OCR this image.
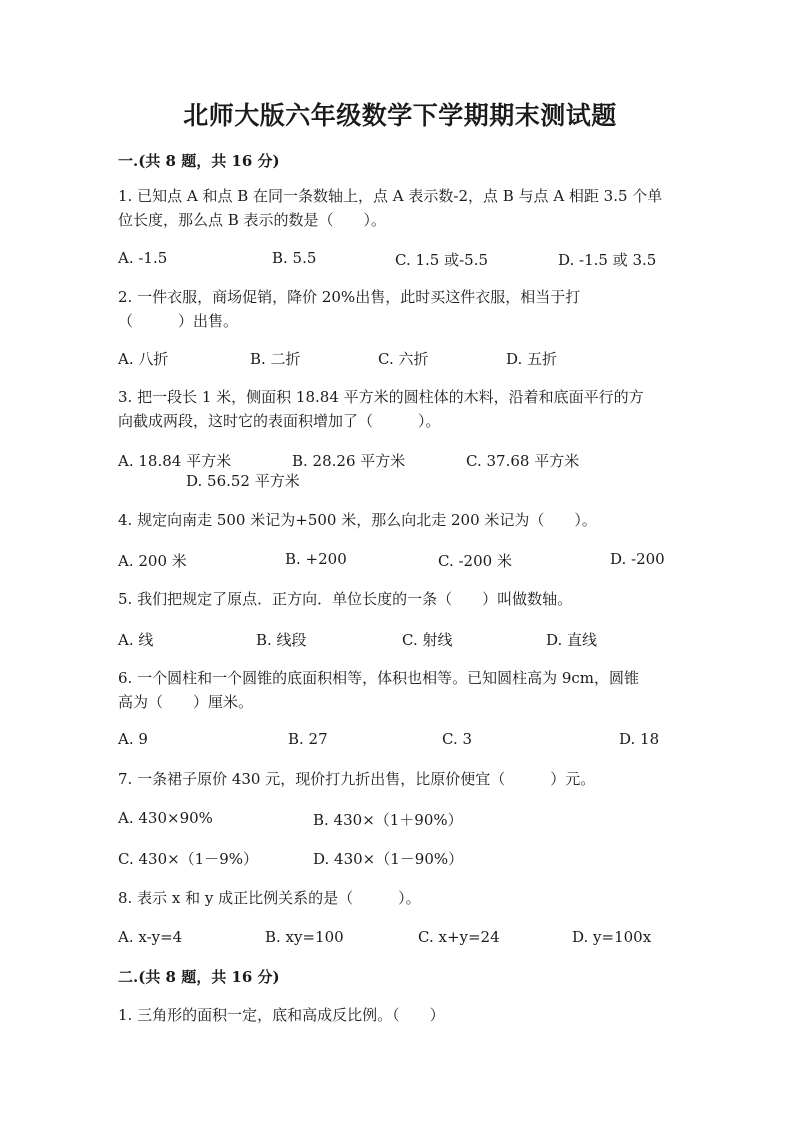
北师大版六年级数学下学期期末测试题
一.(共 8 题，共 16 分)
1. 已知点 A 和点 B 在同一条数轴上，点 A 表示数-2，点 B 与点 A 相距 3.5 个单
位长度，那么点 B 表示的数是（　　）。
A. -1.5	B. 5.5	C. 1.5 或-5.5	D. -1.5 或 3.5
2. 一件衣服，商场促销，降价 20%出售，此时买这件衣服，相当于打
（　　　）出售。
A. 八折	B. 二折	C. 六折	D. 五折
3. 把一段长 1 米，侧面积 18.84 平方米的圆柱体的木料，沿着和底面平行的方
向截成两段，这时它的表面积增加了（　　　）。
A. 18.84 平方米	B. 28.26 平方米	C. 37.68 平方米
D. 56.52 平方米
4. 规定向南走 500 米记为+500 米，那么向北走 200 米记为（　　）。
A. 200 米	B. +200	C. -200 米	D. -200
5. 我们把规定了原点．正方向．单位长度的一条（　　）叫做数轴。
A. 线	B. 线段	C. 射线	D. 直线
6. 一个圆柱和一个圆锥的底面积相等，体积也相等。已知圆柱高为 9cm，圆锥
高为（　　）厘米。
A. 9	B. 27	C. 3	D. 18
7. 一条裙子原价 430 元，现价打九折出售，比原价便宜（　　　）元。
A. 430×90%	B. 430×（1＋90%）
C. 430×（1－9%）	D. 430×（1－90%）
8. 表示 x 和 y 成正比例关系的是（　　　）。
A. x-y=4	B. xy=100	C. x+y=24	D. y=100x
二.(共 8 题，共 16 分)
1. 三角形的面积一定，底和高成反比例。（　　）
